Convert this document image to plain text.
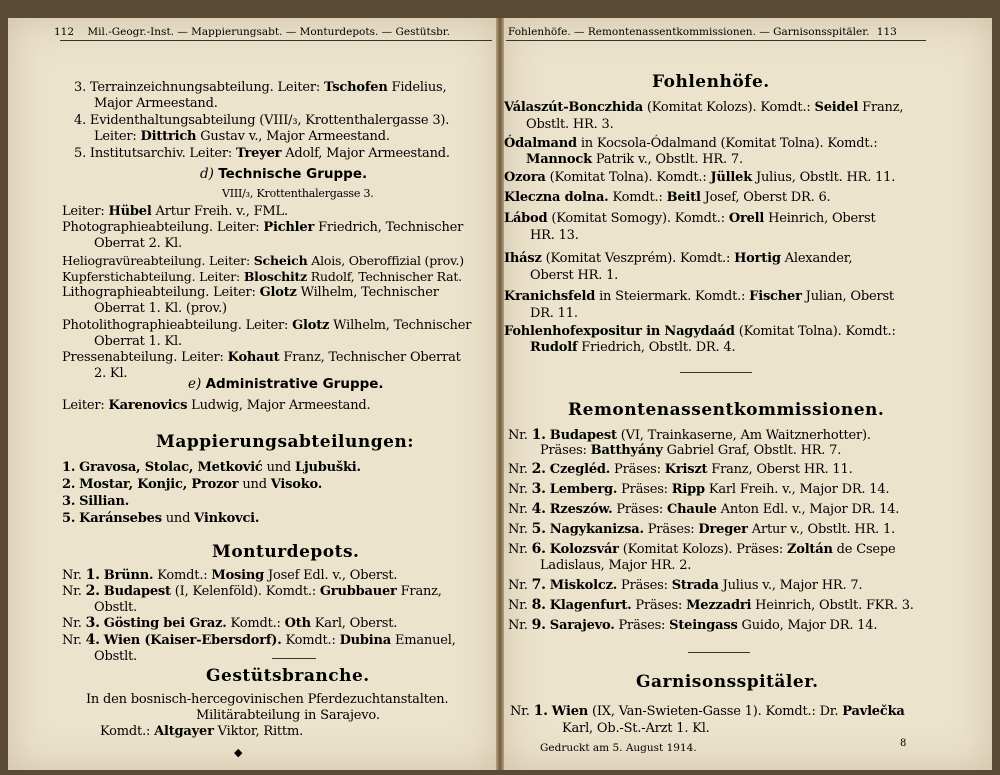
112 Mil.-Geogr.-Inst. — Mappierungsabt. — Monturdepots. — Gestütsbr.
3. Terrainzeichnungsabteilung. Leiter: Tschofen Fidelius,
Major Armeestand.
4. Evidenthaltungsabteilung (VIII/₃, Krottenthalergasse 3).
Leiter: Dittrich Gustav v., Major Armeestand.
5. Institutsarchiv. Leiter: Treyer Adolf, Major Armeestand.
d) Technische Gruppe.
VIII/₃, Krottenthalergasse 3.
Leiter: Hübel Artur Freih. v., FML.
Photographieabteilung. Leiter: Pichler Friedrich, Technischer
Oberrat 2. Kl.
Heliogravüreabteilung. Leiter: Scheich Alois, Oberoffizial (prov.)
Kupferstichabteilung. Leiter: Bloschitz Rudolf, Technischer Rat.
Lithographieabteilung. Leiter: Glotz Wilhelm, Technischer
Oberrat 1. Kl. (prov.)
Photolithographieabteilung. Leiter: Glotz Wilhelm, Technischer
Oberrat 1. Kl.
Pressenabteilung. Leiter: Kohaut Franz, Technischer Oberrat
2. Kl.
e) Administrative Gruppe.
Leiter: Karenovics Ludwig, Major Armeestand.
Mappierungsabteilungen:
1. Gravosa, Stolac, Metković und Ljubuški.
2. Mostar, Konjic, Prozor und Visoko.
3. Sillian.
5. Karánsebes und Vinkovci.
Monturdepots.
Nr. 1. Brünn. Komdt.: Mosing Josef Edl. v., Oberst.
Nr. 2. Budapest (I, Kelenföld). Komdt.: Grubbauer Franz,
Obstlt.
Nr. 3. Gösting bei Graz. Komdt.: Oth Karl, Oberst.
Nr. 4. Wien (Kaiser-Ebersdorf). Komdt.: Dubina Emanuel,
Obstlt.
Gestütsbranche.
In den bosnisch-hercegovinischen Pferdezuchtanstalten.
Militärabteilung in Sarajevo.
Komdt.: Altgayer Viktor, Rittm.
◆
Fohlenhöfe. — Remontenassentkommissionen. — Garnisonsspitäler. 113
Fohlenhöfe.
Válaszút-Bonczhida (Komitat Kolozs). Komdt.: Seidel Franz,
Obstlt. HR. 3.
Ódalmand in Kocsola-Ódalmand (Komitat Tolna). Komdt.:
Mannock Patrik v., Obstlt. HR. 7.
Ozora (Komitat Tolna). Komdt.: Jüllek Julius, Obstlt. HR. 11.
Kleczna dolna. Komdt.: Beitl Josef, Oberst DR. 6.
Lábod (Komitat Somogy). Komdt.: Orell Heinrich, Oberst
HR. 13.
Ihász (Komitat Veszprém). Komdt.: Hortig Alexander,
Oberst HR. 1.
Kranichsfeld in Steiermark. Komdt.: Fischer Julian, Oberst
DR. 11.
Fohlenhofexpositur in Nagydaád (Komitat Tolna). Komdt.:
Rudolf Friedrich, Obstlt. DR. 4.
Remontenassentkommissionen.
Nr. 1. Budapest (VI, Trainkaserne, Am Waitznerhotter).
Präses: Batthyány Gabriel Graf, Obstlt. HR. 7.
Nr. 2. Czegléd. Präses: Kriszt Franz, Oberst HR. 11.
Nr. 3. Lemberg. Präses: Ripp Karl Freih. v., Major DR. 14.
Nr. 4. Rzeszów. Präses: Chaule Anton Edl. v., Major DR. 14.
Nr. 5. Nagykanizsa. Präses: Dreger Artur v., Obstlt. HR. 1.
Nr. 6. Kolozsvár (Komitat Kolozs). Präses: Zoltán de Csepe
Ladislaus, Major HR. 2.
Nr. 7. Miskolcz. Präses: Strada Julius v., Major HR. 7.
Nr. 8. Klagenfurt. Präses: Mezzadri Heinrich, Obstlt. FKR. 3.
Nr. 9. Sarajevo. Präses: Steingass Guido, Major DR. 14.
Garnisonsspitäler.
Nr. 1. Wien (IX, Van-Swieten-Gasse 1). Komdt.: Dr. Pavlečka
Karl, Ob.-St.-Arzt 1. Kl.
Gedruckt am 5. August 1914.	8
